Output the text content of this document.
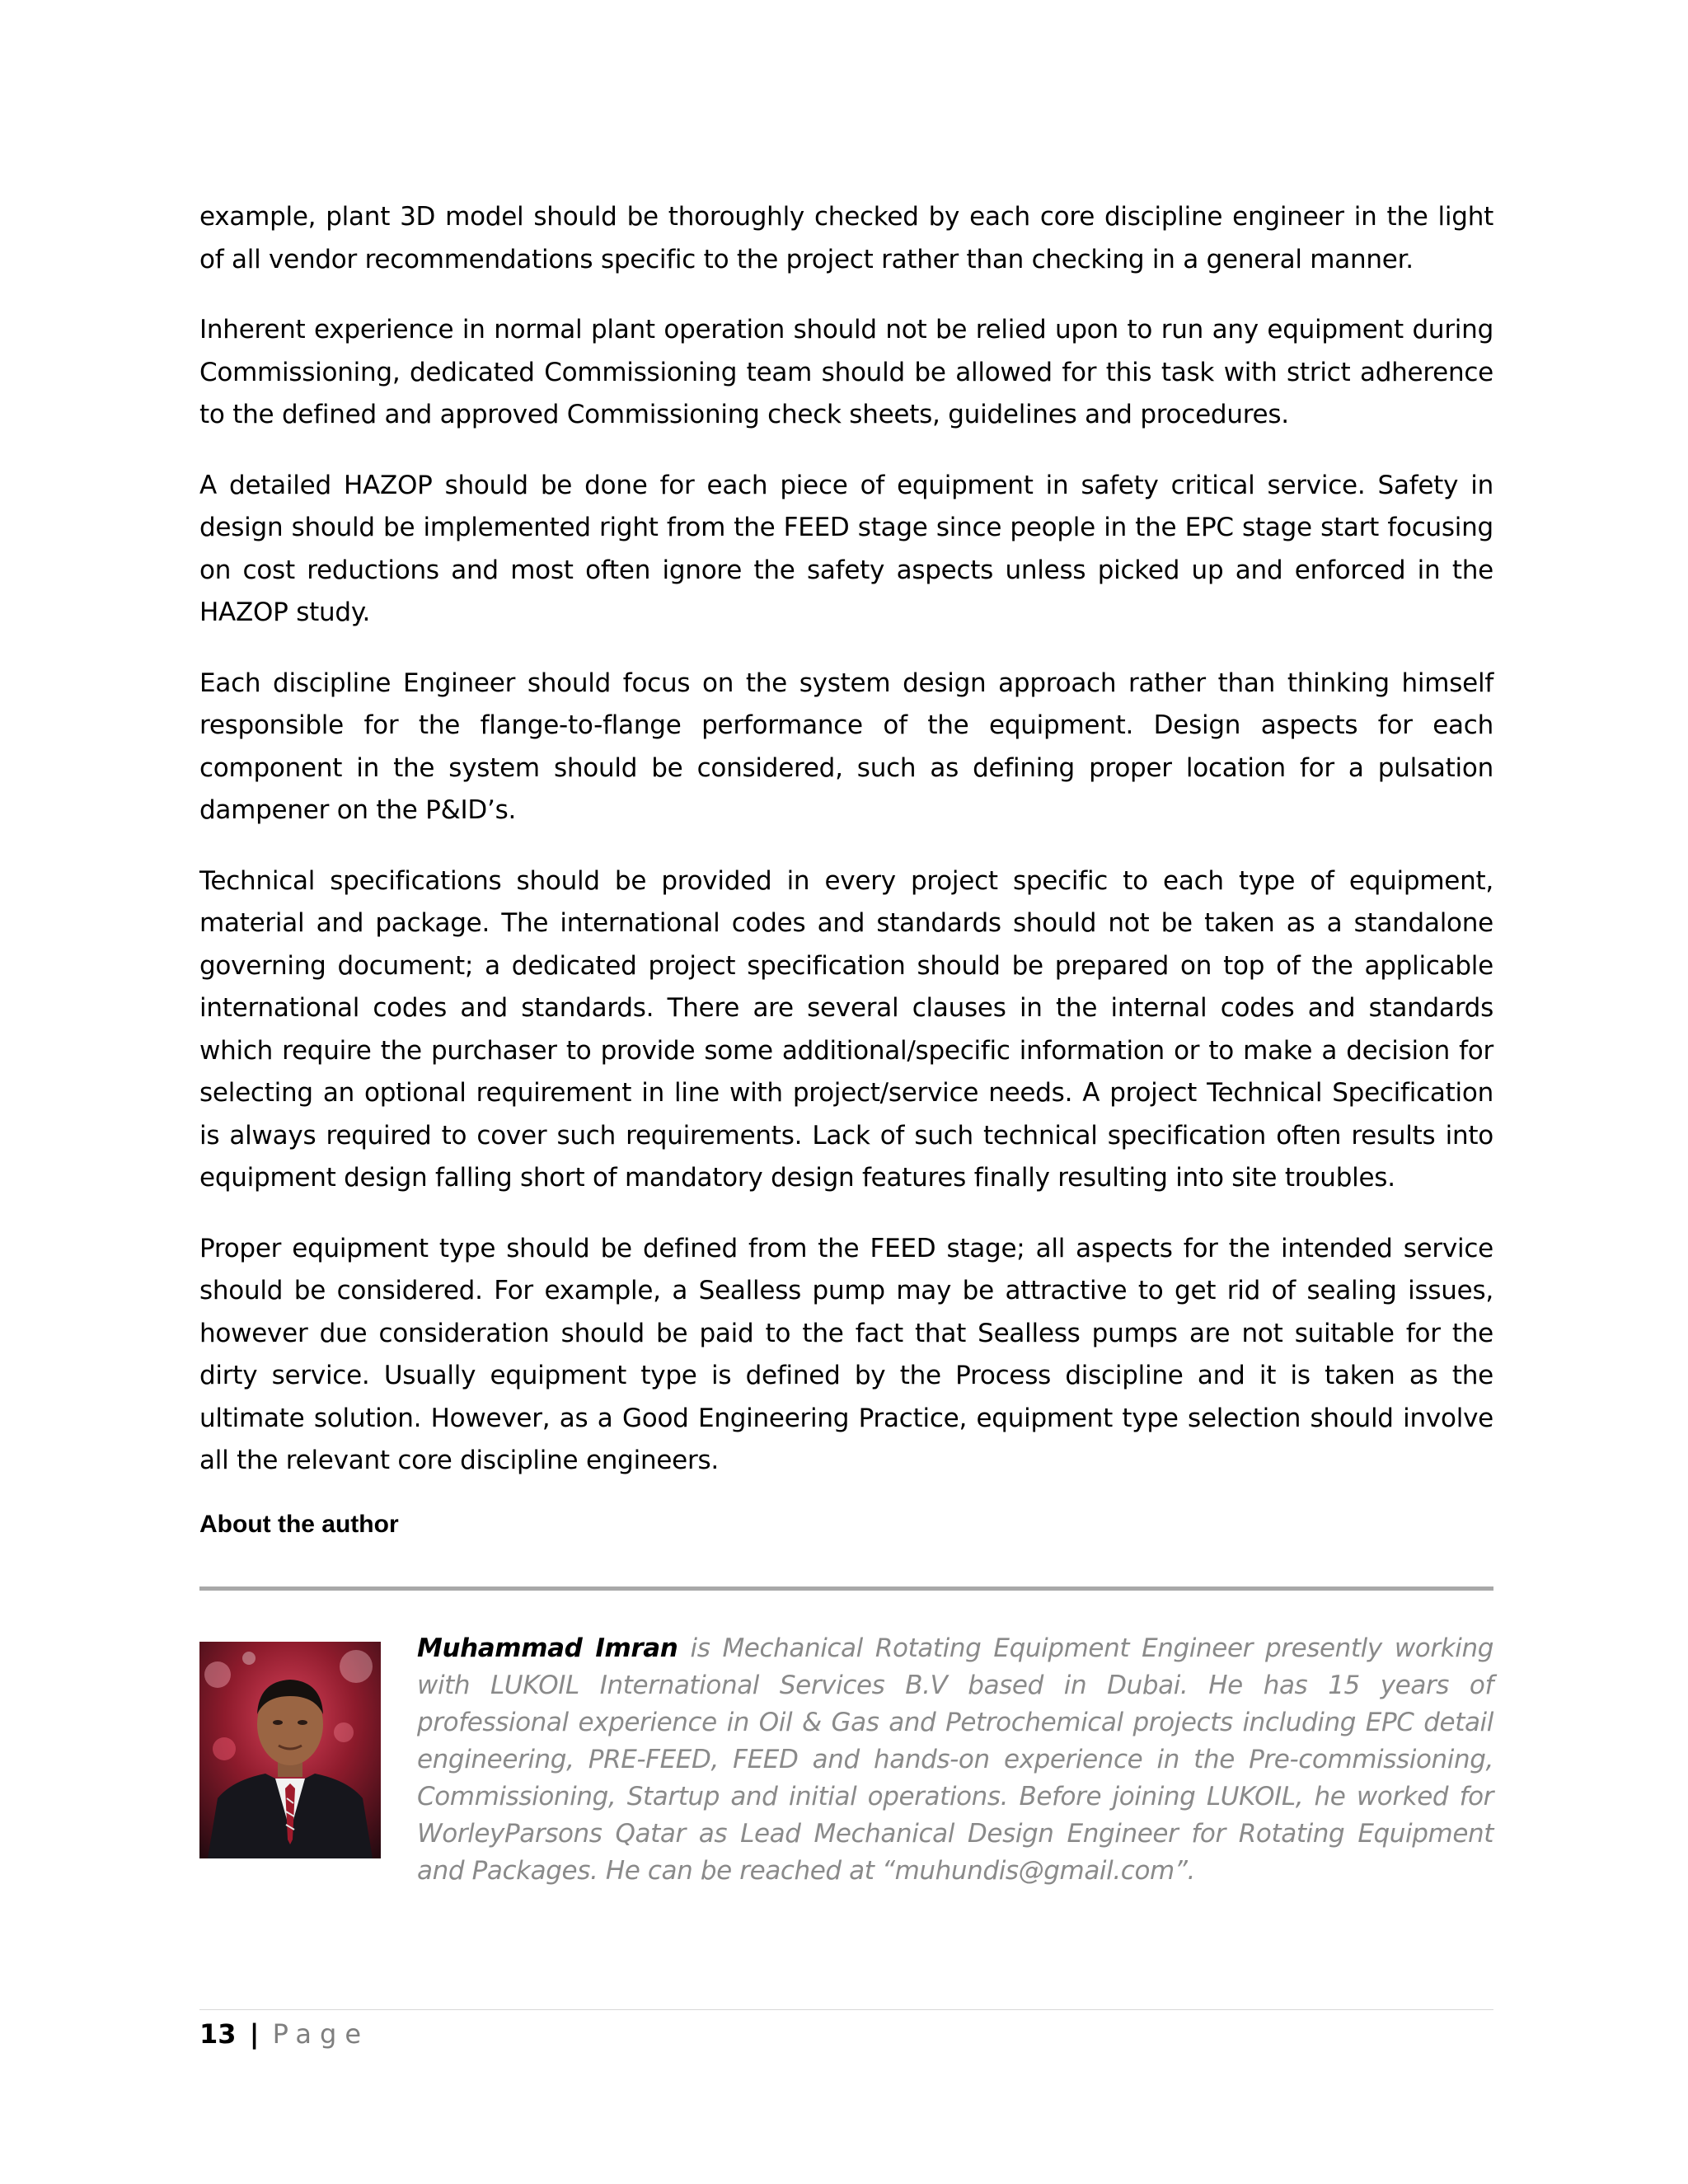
example, plant 3D model should be thoroughly checked by each core discipline engineer in the light of all vendor recommendations specific to the project rather than checking in a general manner.

Inherent experience in normal plant operation should not be relied upon to run any equipment during Commissioning, dedicated Commissioning team should be allowed for this task with strict adherence to the defined and approved Commissioning check sheets, guidelines and procedures.

A detailed HAZOP should be done for each piece of equipment in safety critical service. Safety in design should be implemented right from the FEED stage since people in the EPC stage start focusing on cost reductions and most often ignore the safety aspects unless picked up and enforced in the HAZOP study.

Each discipline Engineer should focus on the system design approach rather than thinking himself responsible for the flange-to-flange performance of the equipment. Design aspects for each component in the system should be considered, such as defining proper location for a pulsation dampener on the P&ID’s.

Technical specifications should be provided in every project specific to each type of equipment, material and package. The international codes and standards should not be taken as a standalone governing document; a dedicated project specification should be prepared on top of the applicable international codes and standards. There are several clauses in the internal codes and standards which require the purchaser to provide some additional/specific information or to make a decision for selecting an optional requirement in line with project/service needs. A project Technical Specification is always required to cover such requirements. Lack of such technical specification often results into equipment design falling short of mandatory design features finally resulting into site troubles.

Proper equipment type should be defined from the FEED stage; all aspects for the intended service should be considered. For example, a Sealless pump may be attractive to get rid of sealing issues, however due consideration should be paid to the fact that Sealless pumps are not suitable for the dirty service. Usually equipment type is defined by the Process discipline and it is taken as the ultimate solution. However, as a Good Engineering Practice, equipment type selection should involve all the relevant core discipline engineers.

About the author
Muhammad Imran is Mechanical Rotating Equipment Engineer presently working with LUKOIL International Services B.V based in Dubai. He has 15 years of professional experience in Oil & Gas and Petrochemical projects including EPC detail engineering, PRE-FEED, FEED and hands-on experience in the Pre-commissioning, Commissioning, Startup and initial operations. Before joining LUKOIL, he worked for WorleyParsons Qatar as Lead Mechanical Design Engineer for Rotating Equipment and Packages. He can be reached at “muhundis@gmail.com”.
13 | Page
